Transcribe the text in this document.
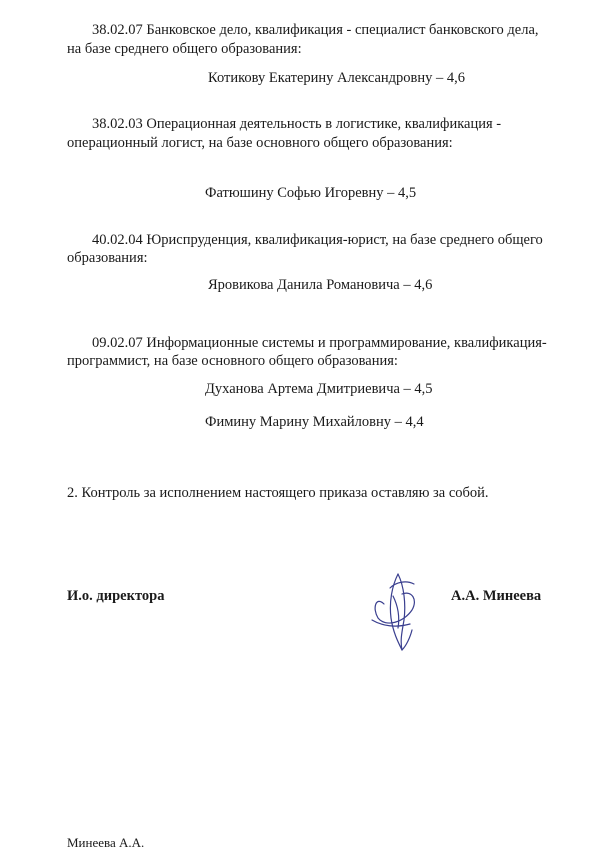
38.02.07 Банковское дело, квалификация - специалист банковского дела,
на базе среднего общего образования:
Котикову Екатерину Александровну – 4,6
38.02.03 Операционная деятельность в логистике, квалификация -
операционный логист, на базе основного общего образования:
Фатюшину Софью Игоревну – 4,5
40.02.04 Юриспруденция, квалификация-юрист, на базе среднего общего
образования:
Яровикова Данила Романовича – 4,6
09.02.07 Информационные системы и программирование, квалификация-
программист, на базе основного общего образования:
Духанова Артема Дмитриевича – 4,5
Фимину Марину Михайловну – 4,4
2. Контроль за исполнением настоящего приказа оставляю за собой.
И.о. директора	А.А. Минеева
Минеева А.А.
